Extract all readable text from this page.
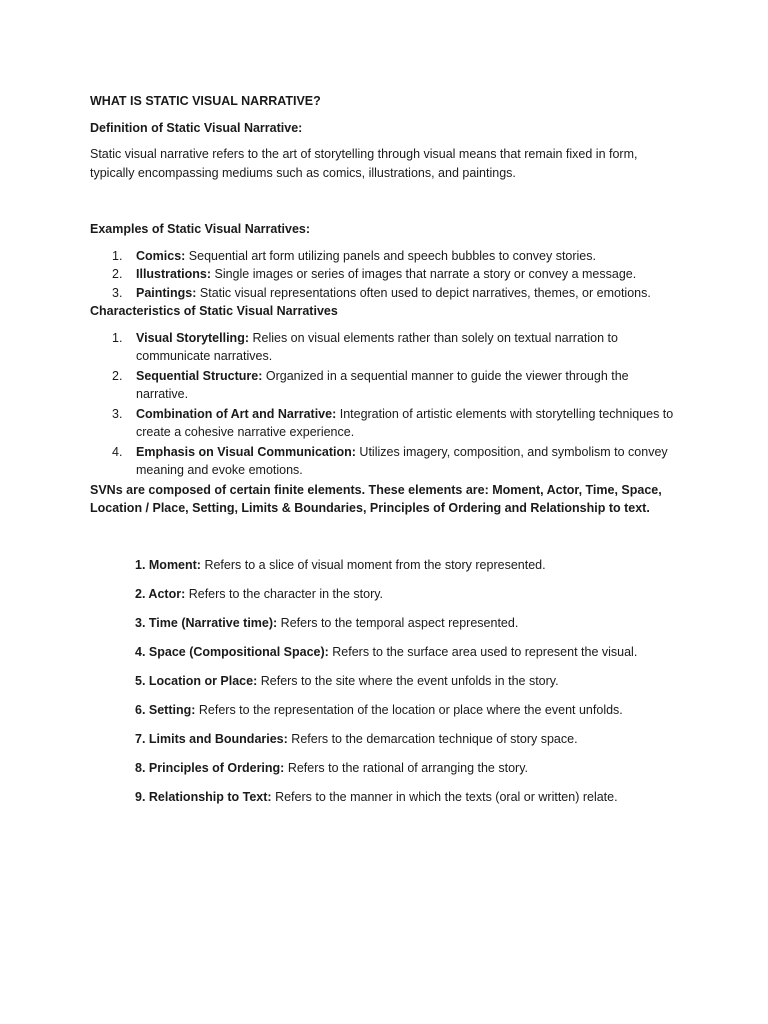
WHAT IS STATIC VISUAL NARRATIVE?

Definition of Static Visual Narrative:

Static visual narrative refers to the art of storytelling through visual means that remain fixed in form, typically encompassing mediums such as comics, illustrations, and paintings.

Examples of Static Visual Narratives:

1. Comics: Sequential art form utilizing panels and speech bubbles to convey stories.
2. Illustrations: Single images or series of images that narrate a story or convey a message.
3. Paintings: Static visual representations often used to depict narratives, themes, or emotions.

Characteristics of Static Visual Narratives

1. Visual Storytelling: Relies on visual elements rather than solely on textual narration to communicate narratives.
2. Sequential Structure: Organized in a sequential manner to guide the viewer through the narrative.
3. Combination of Art and Narrative: Integration of artistic elements with storytelling techniques to create a cohesive narrative experience.
4. Emphasis on Visual Communication: Utilizes imagery, composition, and symbolism to convey meaning and evoke emotions.

SVNs are composed of certain finite elements. These elements are: Moment, Actor, Time, Space, Location / Place, Setting, Limits & Boundaries, Principles of Ordering and Relationship to text.

1. Moment: Refers to a slice of visual moment from the story represented.
2. Actor: Refers to the character in the story.
3. Time (Narrative time): Refers to the temporal aspect represented.
4. Space (Compositional Space): Refers to the surface area used to represent the visual.
5. Location or Place: Refers to the site where the event unfolds in the story.
6. Setting: Refers to the representation of the location or place where the event unfolds.
7. Limits and Boundaries: Refers to the demarcation technique of story space.
8. Principles of Ordering: Refers to the rational of arranging the story.
9. Relationship to Text: Refers to the manner in which the texts (oral or written) relate.
